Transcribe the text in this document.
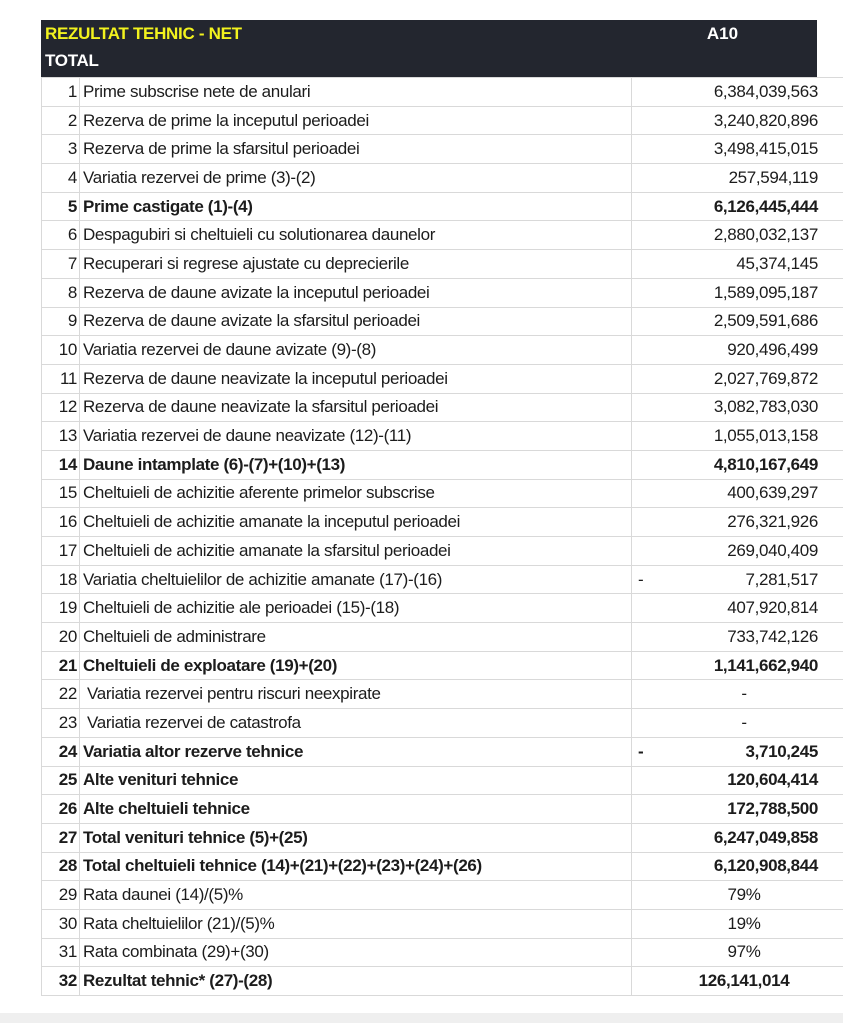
REZULTAT TEHNIC - NET
TOTAL
A10
1	Prime subscrise nete de anulari	6,384,039,563
2	Rezerva de prime la inceputul perioadei	3,240,820,896
3	Rezerva de prime la sfarsitul perioadei	3,498,415,015
4	Variatia rezervei de prime (3)-(2)	257,594,119
5	Prime castigate (1)-(4)	6,126,445,444
6	Despagubiri si cheltuieli cu solutionarea daunelor	2,880,032,137
7	Recuperari si regrese ajustate cu deprecierile	45,374,145
8	Rezerva de daune avizate la inceputul perioadei	1,589,095,187
9	Rezerva de daune avizate la sfarsitul perioadei	2,509,591,686
10	Variatia rezervei de daune avizate (9)-(8)	920,496,499
11	Rezerva de daune neavizate la inceputul perioadei	2,027,769,872
12	Rezerva de daune neavizate la sfarsitul perioadei	3,082,783,030
13	Variatia rezervei de daune neavizate (12)-(11)	1,055,013,158
14	Daune intamplate (6)-(7)+(10)+(13)	4,810,167,649
15	Cheltuieli de achizitie aferente primelor subscrise	400,639,297
16	Cheltuieli de achizitie amanate la inceputul perioadei	276,321,926
17	Cheltuieli de achizitie amanate la sfarsitul perioadei	269,040,409
18	Variatia cheltuielilor de achizitie amanate (17)-(16)	- 7,281,517
19	Cheltuieli de achizitie ale perioadei (15)-(18)	407,920,814
20	Cheltuieli de administrare	733,742,126
21	Cheltuieli de exploatare (19)+(20)	1,141,662,940
22	Variatia rezervei pentru riscuri neexpirate	-
23	Variatia rezervei de catastrofa	-
24	Variatia altor rezerve tehnice	- 3,710,245
25	Alte venituri tehnice	120,604,414
26	Alte cheltuieli tehnice	172,788,500
27	Total venituri tehnice (5)+(25)	6,247,049,858
28	Total cheltuieli tehnice (14)+(21)+(22)+(23)+(24)+(26)	6,120,908,844
29	Rata daunei (14)/(5)%	79%
30	Rata cheltuielilor (21)/(5)%	19%
31	Rata combinata (29)+(30)	97%
32	Rezultat tehnic* (27)-(28)	126,141,014
